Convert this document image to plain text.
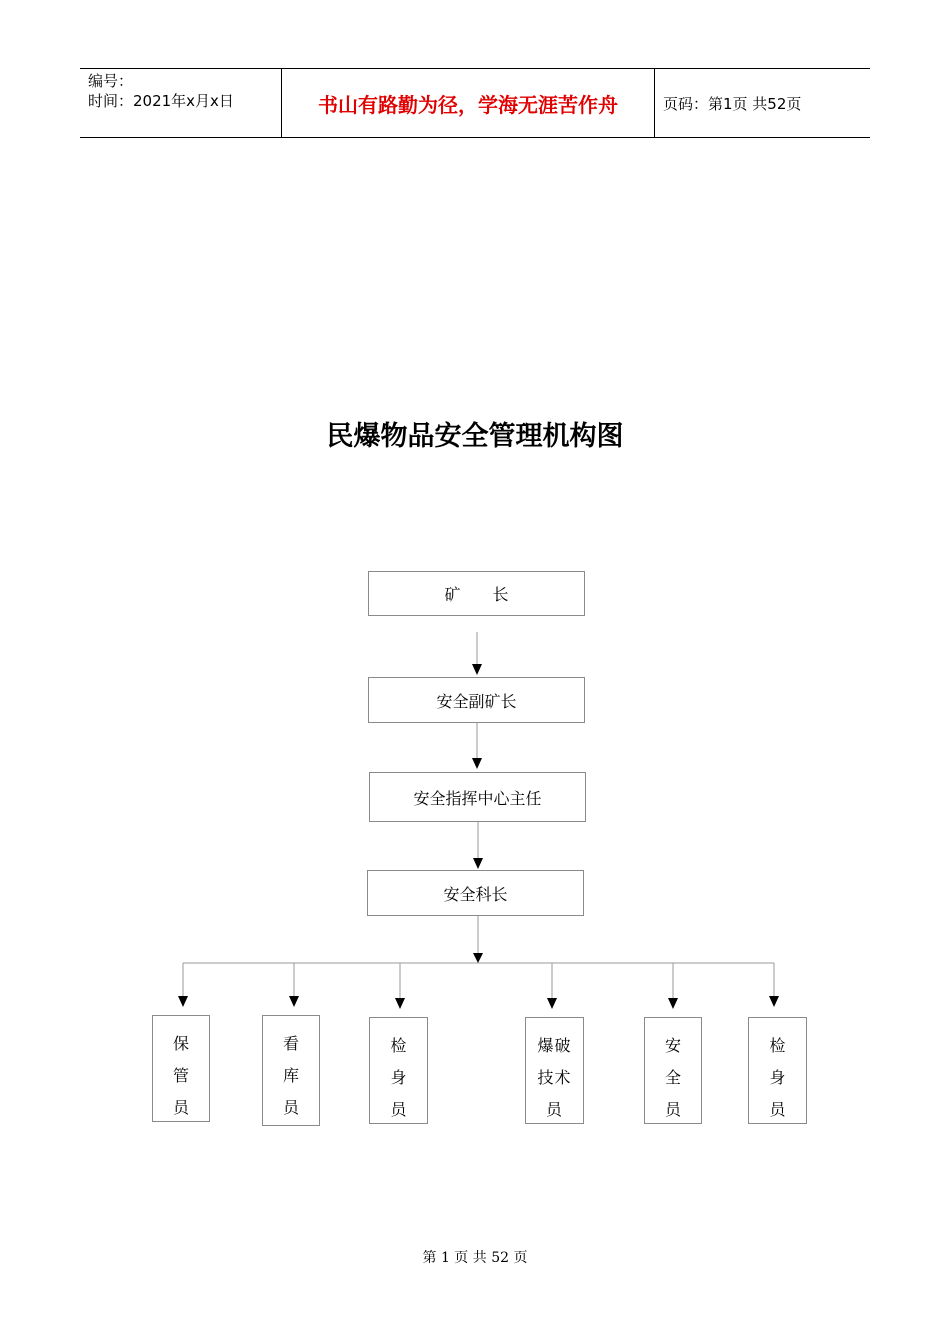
编号：
时间：2021年x月x日	书山有路勤为径，学海无涯苦作舟	页码：第1页 共52页
民爆物品安全管理机构图
矿　　长
安全副矿长
安全指挥中心主任
安全科长
保管员
看库员
检身员
爆破技术员
安全员
检身员
第 1 页 共 52 页
